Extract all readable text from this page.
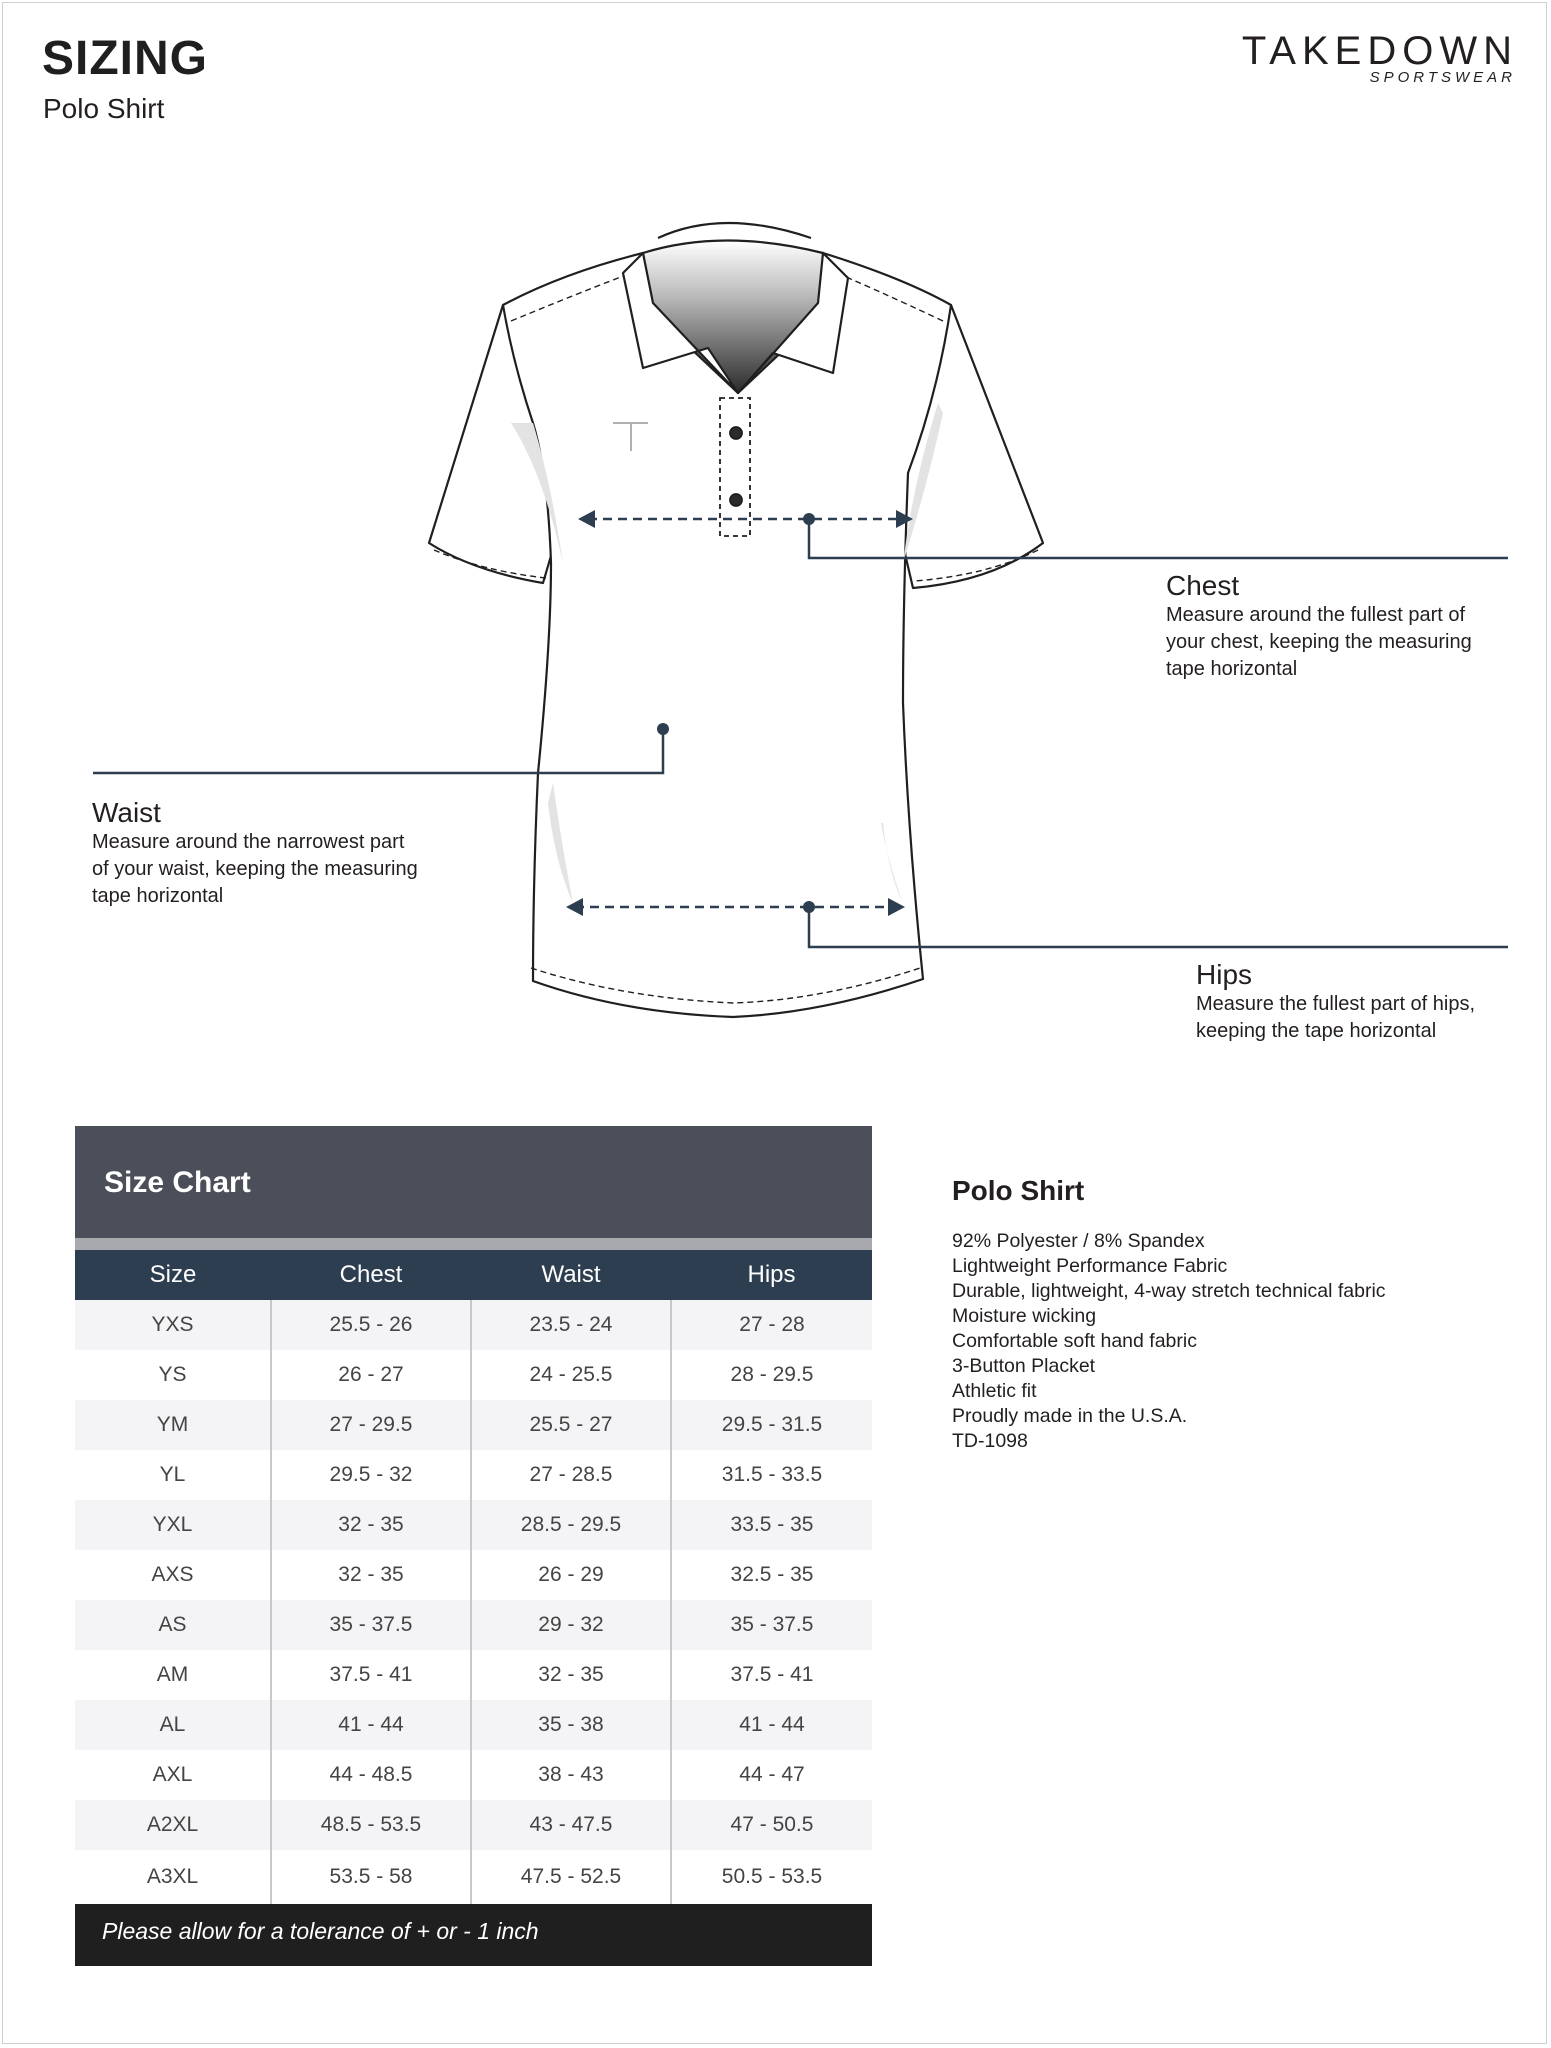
SIZING
Polo Shirt
TAKEDOWN
SPORTSWEAR
Chest
Measure around the fullest part of
your chest, keeping the measuring
tape horizontal
Waist
Measure around the narrowest part
of your waist, keeping the measuring
tape horizontal
Hips
Measure the fullest part of hips,
keeping the tape horizontal
Size Chart
Size	Chest	Waist	Hips
YXS	25.5 - 26	23.5 - 24	27 - 28
YS	26 - 27	24 - 25.5	28 - 29.5
YM	27 - 29.5	25.5 - 27	29.5 - 31.5
YL	29.5 - 32	27 - 28.5	31.5 - 33.5
YXL	32 - 35	28.5 - 29.5	33.5 - 35
AXS	32 - 35	26 - 29	32.5 - 35
AS	35 - 37.5	29 - 32	35 - 37.5
AM	37.5 - 41	32 - 35	37.5 - 41
AL	41 - 44	35 - 38	41 - 44
AXL	44 - 48.5	38 - 43	44 - 47
A2XL	48.5 - 53.5	43 - 47.5	47 - 50.5
A3XL	53.5 - 58	47.5 - 52.5	50.5 - 53.5
Please allow for a tolerance of + or - 1 inch
Polo Shirt
92% Polyester / 8% Spandex
Lightweight Performance Fabric
Durable, lightweight, 4-way stretch technical fabric
Moisture wicking
Comfortable soft hand fabric
3-Button Placket
Athletic fit
Proudly made in the U.S.A.
TD-1098
